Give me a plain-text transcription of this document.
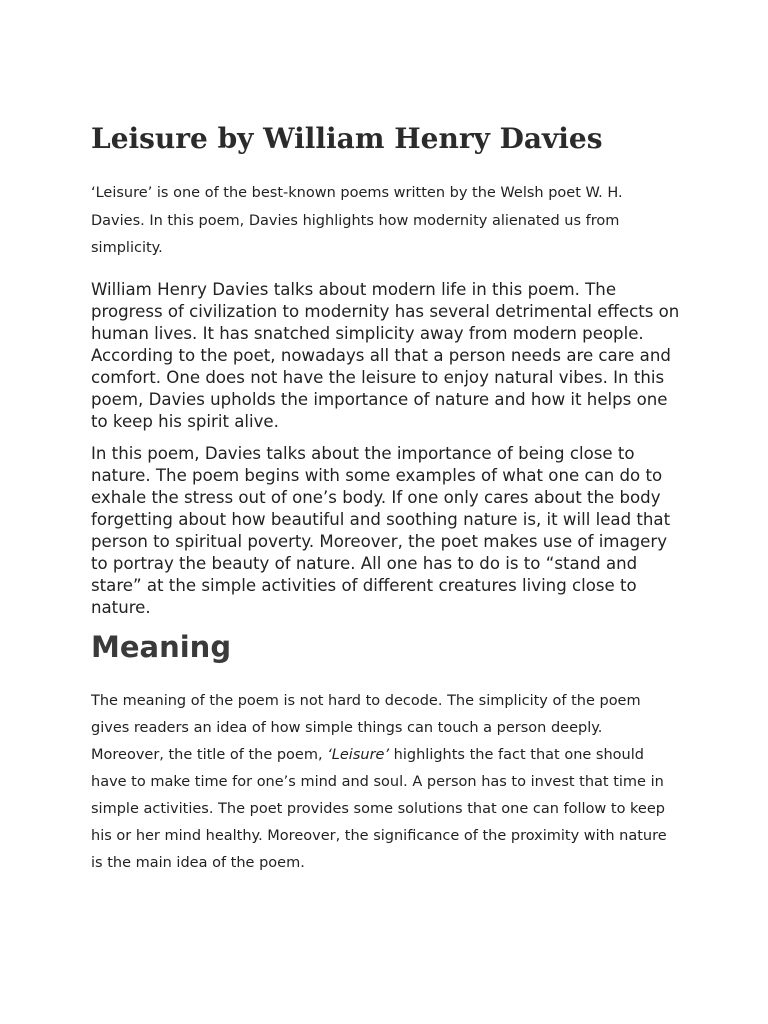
Leisure by William Henry Davies

‘Leisure’ is one of the best-known poems written by the Welsh poet W. H. Davies. In this poem, Davies highlights how modernity alienated us from simplicity.

William Henry Davies talks about modern life in this poem. The progress of civilization to modernity has several detrimental effects on human lives. It has snatched simplicity away from modern people. According to the poet, nowadays all that a person needs are care and comfort. One does not have the leisure to enjoy natural vibes. In this poem, Davies upholds the importance of nature and how it helps one to keep his spirit alive.

In this poem, Davies talks about the importance of being close to nature. The poem begins with some examples of what one can do to exhale the stress out of one’s body. If one only cares about the body forgetting about how beautiful and soothing nature is, it will lead that person to spiritual poverty. Moreover, the poet makes use of imagery to portray the beauty of nature. All one has to do is to “stand and stare” at the simple activities of different creatures living close to nature.

Meaning

The meaning of the poem is not hard to decode. The simplicity of the poem gives readers an idea of how simple things can touch a person deeply. Moreover, the title of the poem, ‘Leisure’ highlights the fact that one should have to make time for one’s mind and soul. A person has to invest that time in simple activities. The poet provides some solutions that one can follow to keep his or her mind healthy. Moreover, the significance of the proximity with nature is the main idea of the poem.
